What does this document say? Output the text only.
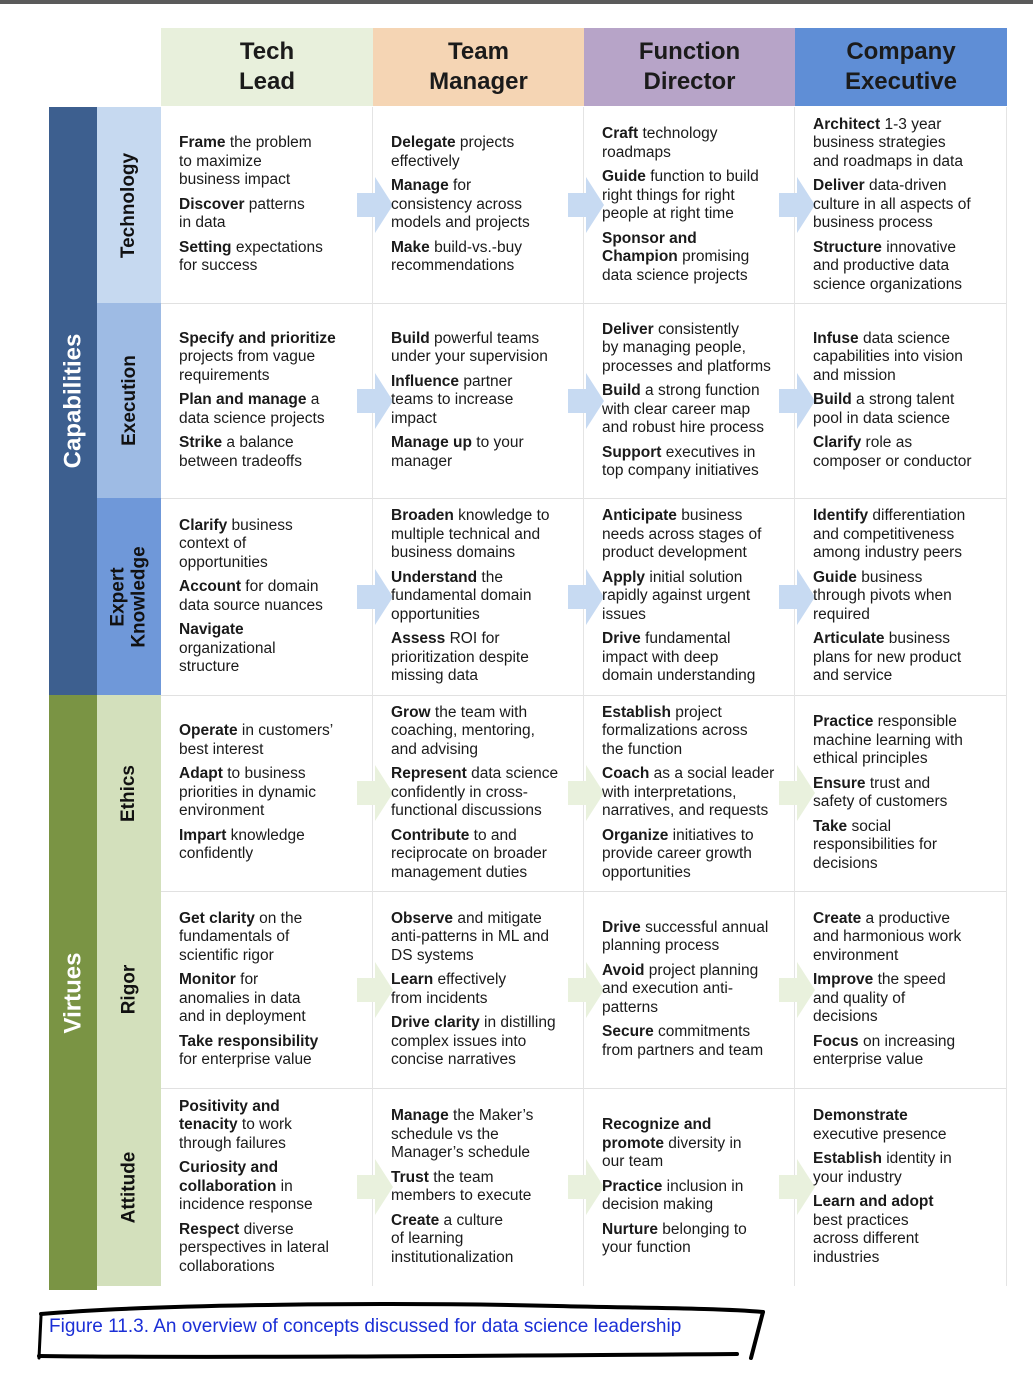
Tech
Lead
Team
Manager
Function
Director
Company
Executive
Capabilities
Virtues
Technology
Frame the problem
to maximize
business impact
Discover patterns
in data
Setting expectations
for success
Delegate projects
effectively
Manage for
consistency across
models and projects
Make build-vs.-buy
recommendations
Craft technology
roadmaps
Guide function to build
right things for right
people at right time
Sponsor and
Champion promising
data science projects
Architect 1-3 year
business strategies
and roadmaps in data
Deliver data-driven
culture in all aspects of
business process
Structure innovative
and productive data
science organizations
Execution
Specify and prioritize
projects from vague
requirements
Plan and manage a
data science projects
Strike a balance
between tradeoffs
Build powerful teams
under your supervision
Influence partner
teams to increase
impact
Manage up to your
manager
Deliver consistently
by managing people,
processes and platforms
Build a strong function
with clear career map
and robust hire process
Support executives in
top company initiatives
Infuse data science
capabilities into vision
and mission
Build a strong talent
pool in data science
Clarify role as
composer or conductor
Expert
Knowledge
Clarify business
context of
opportunities
Account for domain
data source nuances
Navigate
organizational
structure
Broaden knowledge to
multiple technical and
business domains
Understand the
fundamental domain
opportunities
Assess ROI for
prioritization despite
missing data
Anticipate business
needs across stages of
product development
Apply initial solution
rapidly against urgent
issues
Drive fundamental
impact with deep
domain understanding
Identify differentiation
and competitiveness
among industry peers
Guide business
through pivots when
required
Articulate business
plans for new product
and service
Ethics
Operate in customers’
best interest
Adapt to business
priorities in dynamic
environment
Impart knowledge
confidently
Grow the team with
coaching, mentoring,
and advising
Represent data science
confidently in cross-
functional discussions
Contribute to and
reciprocate on broader
management duties
Establish project
formalizations across
the function
Coach as a social leader
with interpretations,
narratives, and requests
Organize initiatives to
provide career growth
opportunities
Practice responsible
machine learning with
ethical principles
Ensure trust and
safety of customers
Take social
responsibilities for
decisions
Rigor
Get clarity on the
fundamentals of
scientific rigor
Monitor for
anomalies in data
and in deployment
Take responsibility
for enterprise value
Observe and mitigate
anti-patterns in ML and
DS systems
Learn effectively
from incidents
Drive clarity in distilling
complex issues into
concise narratives
Drive successful annual
planning process
Avoid project planning
and execution anti-
patterns
Secure commitments
from partners and team
Create a productive
and harmonious work
environment
Improve the speed
and quality of
decisions
Focus on increasing
enterprise value
Attitude
Positivity and
tenacity to work
through failures
Curiosity and
collaboration in
incidence response
Respect diverse
perspectives in lateral
collaborations
Manage the Maker’s
schedule vs the
Manager’s schedule
Trust the team
members to execute
Create a culture
of learning
institutionalization
Recognize and
promote diversity in
our team
Practice inclusion in
decision making
Nurture belonging to
your function
Demonstrate
executive presence
Establish identity in
your industry
Learn and adopt
best practices
across different
industries
Figure 11.3. An overview of concepts discussed for data science leadership
